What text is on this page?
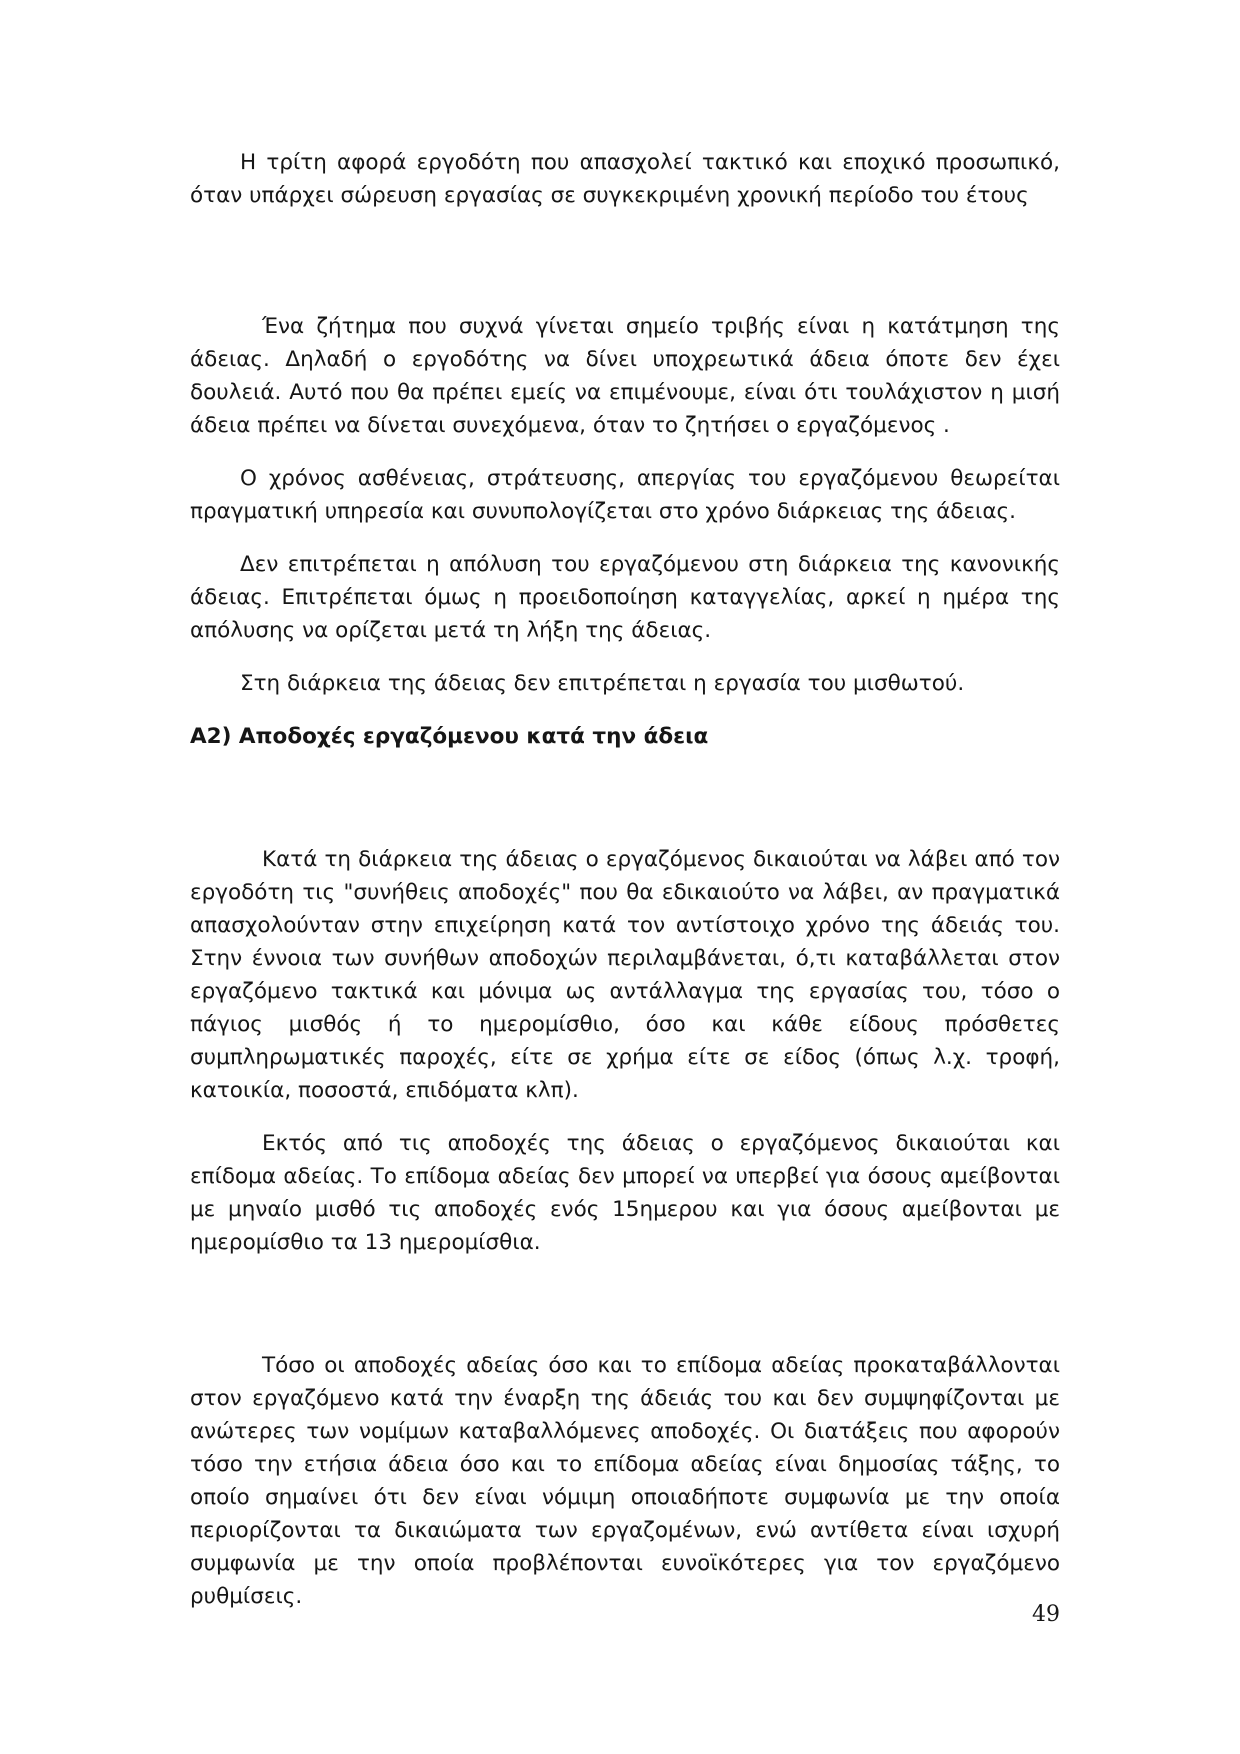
Η τρίτη αφορά εργοδότη που απασχολεί τακτικό και εποχικό προσωπικό, όταν υπάρχει σώρευση εργασίας σε συγκεκριμένη χρονική περίοδο του έτους

Ένα ζήτημα που συχνά γίνεται σημείο τριβής είναι η κατάτμηση της άδειας. Δηλαδή ο εργοδότης να δίνει υποχρεωτικά άδεια όποτε δεν έχει δουλειά. Αυτό που θα πρέπει εμείς να επιμένουμε, είναι ότι τουλάχιστον η μισή άδεια πρέπει να δίνεται συνεχόμενα, όταν το ζητήσει ο εργαζόμενος .

Ο χρόνος ασθένειας, στράτευσης, απεργίας του εργαζόμενου θεωρείται πραγματική υπηρεσία και συνυπολογίζεται στο χρόνο διάρκειας της άδειας.

Δεν επιτρέπεται η απόλυση του εργαζόμενου στη διάρκεια της κανονικής άδειας. Επιτρέπεται όμως η προειδοποίηση καταγγελίας, αρκεί η ημέρα της απόλυσης να ορίζεται μετά τη λήξη της άδειας.

Στη διάρκεια της άδειας δεν επιτρέπεται η εργασία του μισθωτού.

Α2) Αποδοχές εργαζόμενου κατά την άδεια

Κατά τη διάρκεια της άδειας ο εργαζόμενος δικαιούται να λάβει από τον εργοδότη τις "συνήθεις αποδοχές" που θα εδικαιούτο να λάβει, αν πραγματικά απασχολούνταν στην επιχείρηση κατά τον αντίστοιχο χρόνο της άδειάς του. Στην έννοια των συνήθων αποδοχών περιλαμβάνεται, ό,τι καταβάλλεται στον εργαζόμενο τακτικά και μόνιμα ως αντάλλαγμα της εργασίας του, τόσο ο πάγιος μισθός ή το ημερομίσθιο, όσο και κάθε είδους πρόσθετες συμπληρωματικές παροχές, είτε σε χρήμα είτε σε είδος (όπως λ.χ. τροφή, κατοικία, ποσοστά, επιδόματα κλπ).

Εκτός από τις αποδοχές της άδειας ο εργαζόμενος δικαιούται και επίδομα αδείας. Το επίδομα αδείας δεν μπορεί να υπερβεί για όσους αμείβονται με μηναίο μισθό τις αποδοχές ενός 15ημερου και για όσους αμείβονται με ημερομίσθιο τα 13 ημερομίσθια.

Τόσο οι αποδοχές αδείας όσο και το επίδομα αδείας προκαταβάλλονται στον εργαζόμενο κατά την έναρξη της άδειάς του και δεν συμψηφίζονται με ανώτερες των νομίμων καταβαλλόμενες αποδοχές. Οι διατάξεις που αφορούν τόσο την ετήσια άδεια όσο και το επίδομα αδείας είναι δημοσίας τάξης, το οποίο σημαίνει ότι δεν είναι νόμιμη οποιαδήποτε συμφωνία με την οποία περιορίζονται τα δικαιώματα των εργαζομένων, ενώ αντίθετα είναι ισχυρή συμφωνία με την οποία προβλέπονται ευνοϊκότερες για τον εργαζόμενο ρυθμίσεις.

49
